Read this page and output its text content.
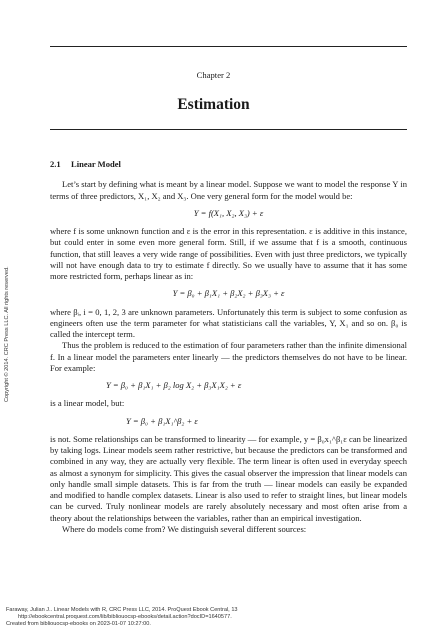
Chapter 2
Estimation
2.1 Linear Model

Let’s start by defining what is meant by a linear model. Suppose we want to model the response Y in terms of three predictors, X₁, X₂ and X₃. One very general form for the model would be:

Y = f(X₁, X₂, X₃) + ε

where f is some unknown function and ε is the error in this representation. ε is additive in this instance, but could enter in some even more general form. Still, if we assume that f is a smooth, continuous function, that still leaves a very wide range of possibilities. Even with just three predictors, we typically will not have enough data to try to estimate f directly. So we usually have to assume that it has some more restricted form, perhaps linear as in:

Y = β₀ + β₁X₁ + β₂X₂ + β₃X₃ + ε

where βᵢ, i = 0, 1, 2, 3 are unknown parameters. Unfortunately this term is subject to some confusion as engineers often use the term parameter for what statisticians call the variables, Y, X₁ and so on. β₀ is called the intercept term.

Thus the problem is reduced to the estimation of four parameters rather than the infinite dimensional f. In a linear model the parameters enter linearly — the predictors themselves do not have to be linear. For example:

Y = β₀ + β₁X₁ + β₂ log X₂ + β₃X₁X₂ + ε

is a linear model, but:

Y = β₀ + β₁X₁^β₂ + ε

is not. Some relationships can be transformed to linearity — for example, y = β₀x₁^β₁ε can be linearized by taking logs. Linear models seem rather restrictive, but because the predictors can be transformed and combined in any way, they are actually very flexible. The term linear is often used in everyday speech as almost a synonym for simplicity. This gives the casual observer the impression that linear models can only handle small simple datasets. This is far from the truth — linear models can easily be expanded and modified to handle complex datasets. Linear is also used to refer to straight lines, but linear models can be curved. Truly nonlinear models are rarely absolutely necessary and most often arise from a theory about the relationships between the variables, rather than an empirical investigation.

Where do models come from? We distinguish several different sources:

Copyright © 2014. CRC Press LLC. All rights reserved.
Faraway, Julian J.. Linear Models with R, CRC Press LLC, 2014. ProQuest Ebook Central, 13
http://ebookcentral.proquest.com/lib/bibliouocsp-ebooks/detail.action?docID=1640577.
Created from bibliouocsp-ebooks on 2023-01-07 10:27:00.
